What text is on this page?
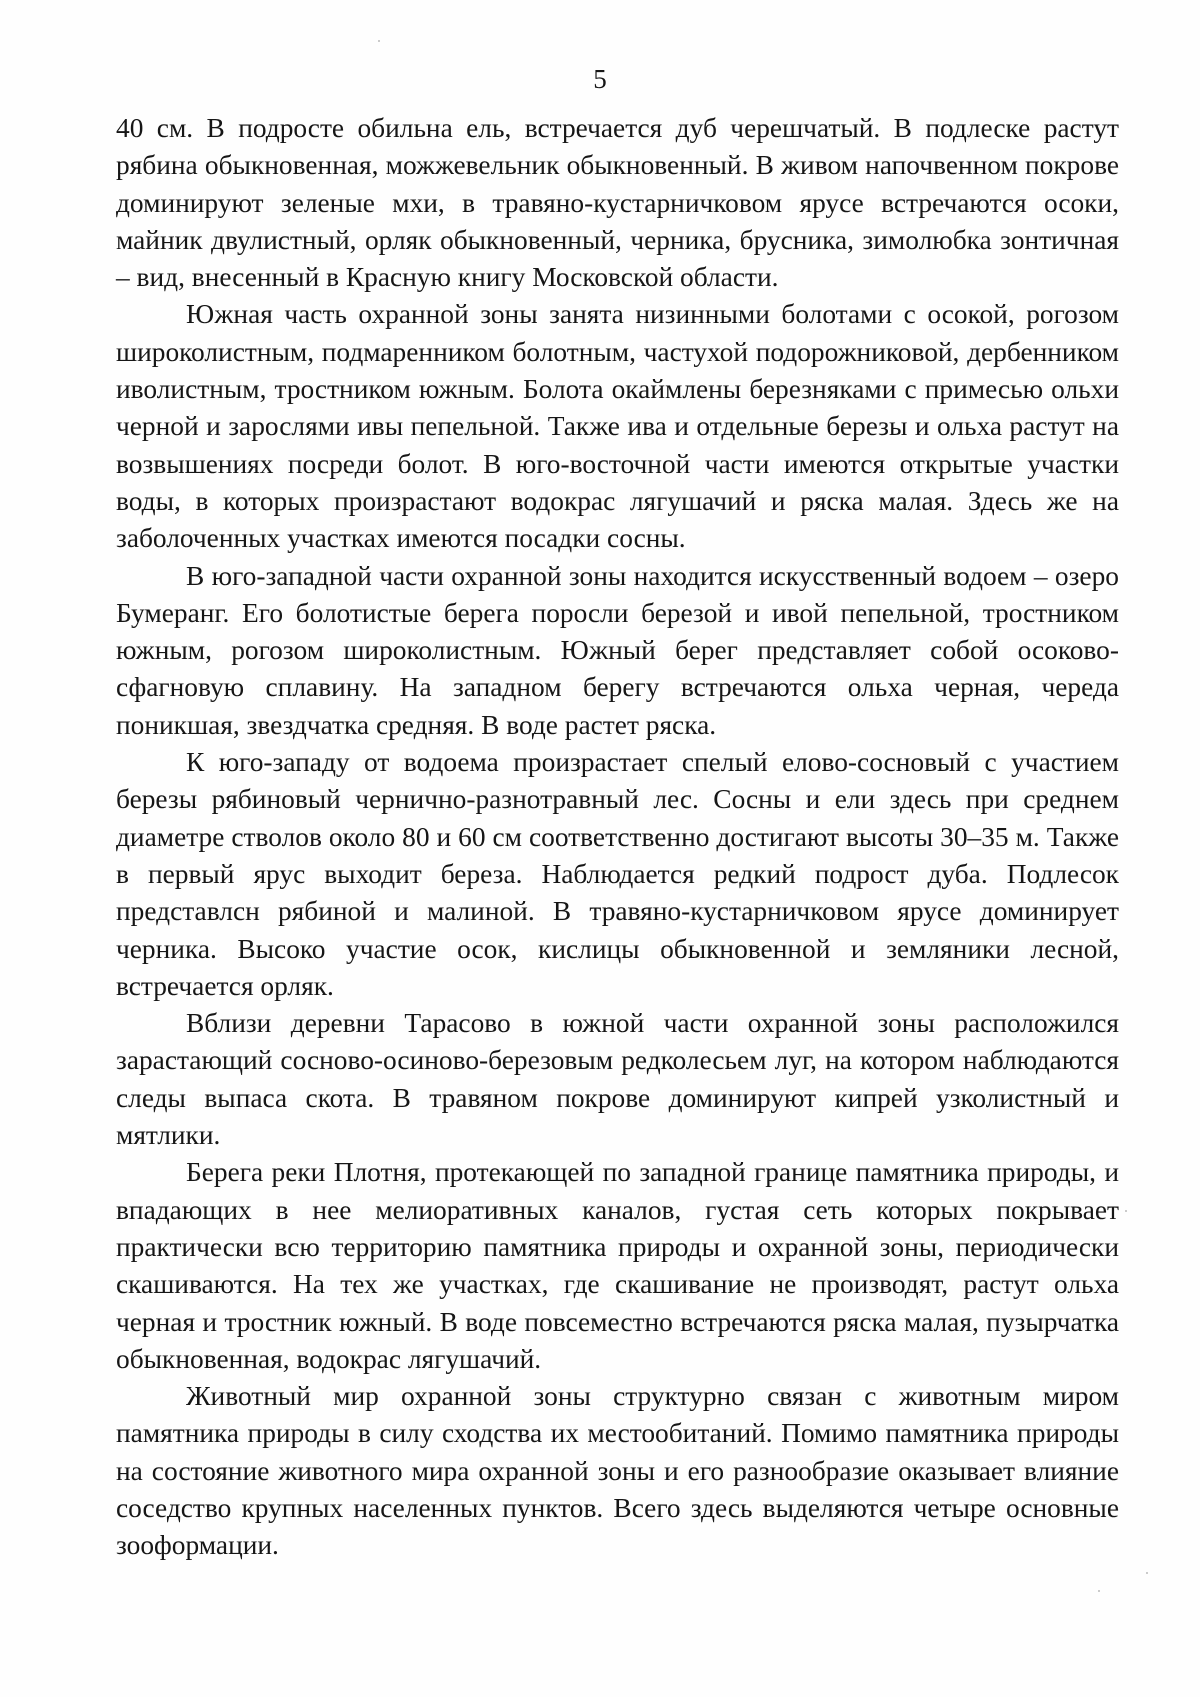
5

40 см. В подросте обильна ель, встречается дуб черешчатый. В подлеске растут рябина обыкновенная, можжевельник обыкновенный. В живом напочвенном покрове доминируют зеленые мхи, в травяно-кустарничковом ярусе встречаются осоки, майник двулистный, орляк обыкновенный, черника, брусника, зимолюбка зонтичная – вид, внесенный в Красную книгу Московской области.

Южная часть охранной зоны занята низинными болотами с осокой, рогозом широколистным, подмаренником болотным, частухой подорожниковой, дербенником иволистным, тростником южным. Болота окаймлены березняками с примесью ольхи черной и зарослями ивы пепельной. Также ива и отдельные березы и ольха растут на возвышениях посреди болот. В юго-восточной части имеются открытые участки воды, в которых произрастают водокрас лягушачий и ряска малая. Здесь же на заболоченных участках имеются посадки сосны.

В юго-западной части охранной зоны находится искусственный водоем – озеро Бумеранг. Его болотистые берега поросли березой и ивой пепельной, тростником южным, рогозом широколистным. Южный берег представляет собой осоково-сфагновую сплавину. На западном берегу встречаются ольха черная, череда поникшая, звездчатка средняя. В воде растет ряска.

К юго-западу от водоема произрастает спелый елово-сосновый с участием березы рябиновый чернично-разнотравный лес. Сосны и ели здесь при среднем диаметре стволов около 80 и 60 см соответственно достигают высоты 30–35 м. Также в первый ярус выходит береза. Наблюдается редкий подрост дуба. Подлесок представлсн рябиной и малиной. В травяно-кустарничковом ярусе доминирует черника. Высоко участие осок, кислицы обыкновенной и земляники лесной, встречается орляк.

Вблизи деревни Тарасово в южной части охранной зоны расположился зарастающий сосново-осиново-березовым редколесьем луг, на котором наблюдаются следы выпаса скота. В травяном покрове доминируют кипрей узколистный и мятлики.

Берега реки Плотня, протекающей по западной границе памятника природы, и впадающих в нее мелиоративных каналов, густая сеть которых покрывает практически всю территорию памятника природы и охранной зоны, периодически скашиваются. На тех же участках, где скашивание не производят, растут ольха черная и тростник южный. В воде повсеместно встречаются ряска малая, пузырчатка обыкновенная, водокрас лягушачий.

Животный мир охранной зоны структурно связан с животным миром памятника природы в силу сходства их местообитаний. Помимо памятника природы на состояние животного мира охранной зоны и его разнообразие оказывает влияние соседство крупных населенных пунктов. Всего здесь выделяются четыре основные зооформации.
